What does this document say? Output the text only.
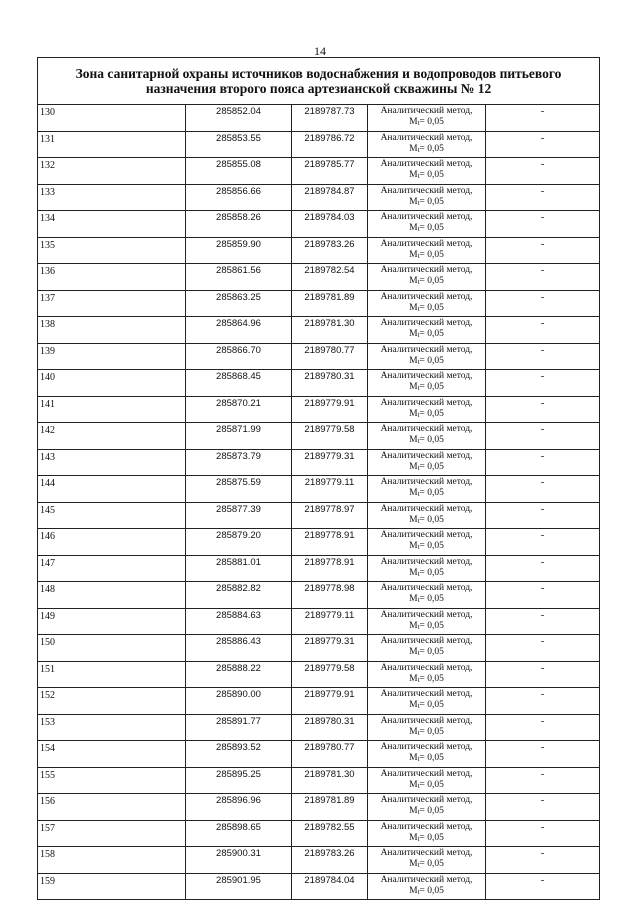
14
Зона санитарной охраны источников водоснабжения и водопроводов питьевого назначения второго пояса артезианской скважины № 12				
130	285852.04	2189787.73	Аналитический метод,
Мt= 0,05	-
131	285853.55	2189786.72	Аналитический метод,
Мt= 0,05	-
132	285855.08	2189785.77	Аналитический метод,
Мt= 0,05	-
133	285856.66	2189784.87	Аналитический метод,
Мt= 0,05	-
134	285858.26	2189784.03	Аналитический метод,
Мt= 0,05	-
135	285859.90	2189783.26	Аналитический метод,
Мt= 0,05	-
136	285861.56	2189782.54	Аналитический метод,
Мt= 0,05	-
137	285863.25	2189781.89	Аналитический метод,
Мt= 0,05	-
138	285864.96	2189781.30	Аналитический метод,
Мt= 0,05	-
139	285866.70	2189780.77	Аналитический метод,
Мt= 0,05	-
140	285868.45	2189780.31	Аналитический метод,
Мt= 0,05	-
141	285870.21	2189779.91	Аналитический метод,
Мt= 0,05	-
142	285871.99	2189779.58	Аналитический метод,
Мt= 0,05	-
143	285873.79	2189779.31	Аналитический метод,
Мt= 0,05	-
144	285875.59	2189779.11	Аналитический метод,
Мt= 0,05	-
145	285877.39	2189778.97	Аналитический метод,
Мt= 0,05	-
146	285879.20	2189778.91	Аналитический метод,
Мt= 0,05	-
147	285881.01	2189778.91	Аналитический метод,
Мt= 0,05	-
148	285882.82	2189778.98	Аналитический метод,
Мt= 0,05	-
149	285884.63	2189779.11	Аналитический метод,
Мt= 0,05	-
150	285886.43	2189779.31	Аналитический метод,
Мt= 0,05	-
151	285888.22	2189779.58	Аналитический метод,
Мt= 0,05	-
152	285890.00	2189779.91	Аналитический метод,
Мt= 0,05	-
153	285891.77	2189780.31	Аналитический метод,
Мt= 0,05	-
154	285893.52	2189780.77	Аналитический метод,
Мt= 0,05	-
155	285895.25	2189781.30	Аналитический метод,
Мt= 0,05	-
156	285896.96	2189781.89	Аналитический метод,
Мt= 0,05	-
157	285898.65	2189782.55	Аналитический метод,
Мt= 0,05	-
158	285900.31	2189783.26	Аналитический метод,
Мt= 0,05	-
159	285901.95	2189784.04	Аналитический метод,
Мt= 0,05	-
